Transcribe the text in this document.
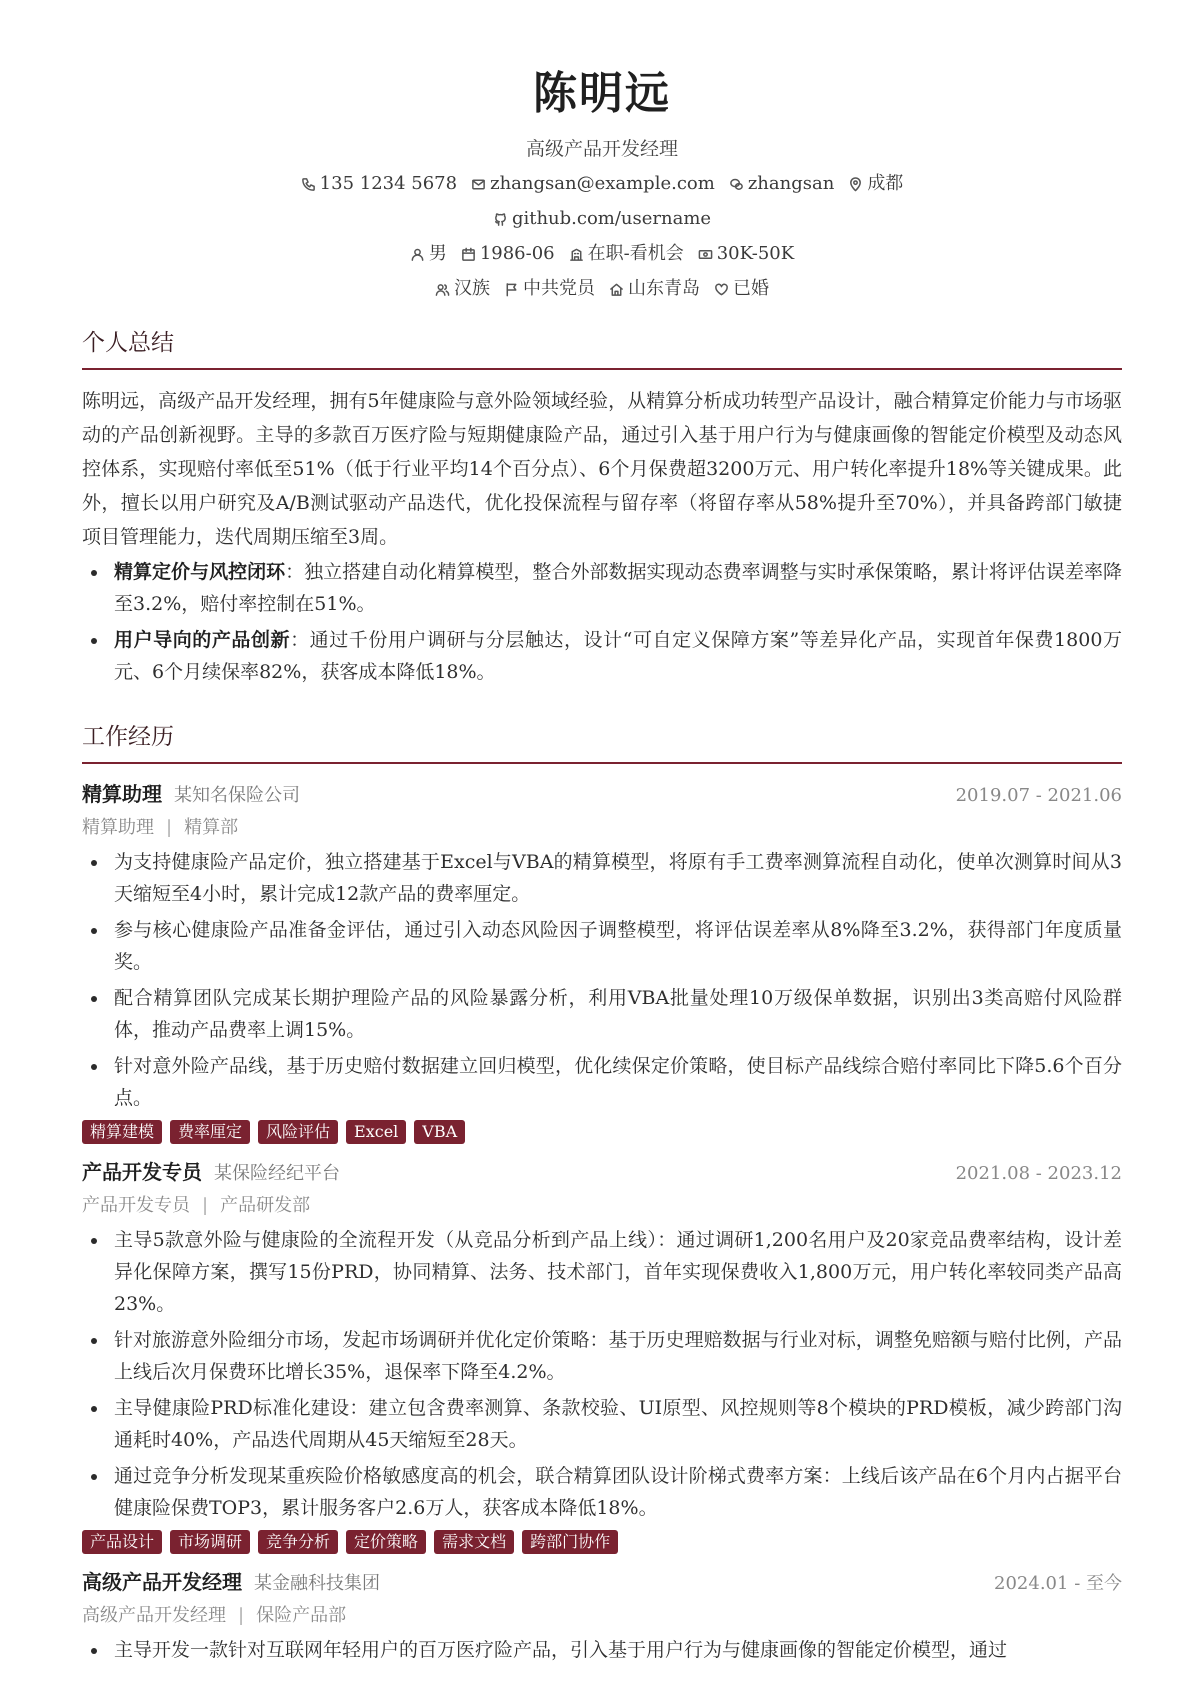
陈明远
高级产品开发经理
135 1234 5678 zhangsan@example.com zhangsan 成都
github.com/username
男 1986-06 在职-看机会 30K-50K
汉族 中共党员 山东青岛 已婚
个人总结
陈明远，高级产品开发经理，拥有5年健康险与意外险领域经验，从精算分析成功转型产品设计，融合精算定价能力与市场驱动的产品创新视野。主导的多款百万医疗险与短期健康险产品，通过引入基于用户行为与健康画像的智能定价模型及动态风控体系，实现赔付率低至51%（低于行业平均14个百分点）、6个月保费超3200万元、用户转化率提升18%等关键成果。此外，擅长以用户研究及A/B测试驱动产品迭代，优化投保流程与留存率（将留存率从58%提升至70%），并具备跨部门敏捷项目管理能力，迭代周期压缩至3周。
精算定价与风控闭环：独立搭建自动化精算模型，整合外部数据实现动态费率调整与实时承保策略，累计将评估误差率降至3.2%，赔付率控制在51%。
用户导向的产品创新：通过千份用户调研与分层触达，设计“可自定义保障方案”等差异化产品，实现首年保费1800万元、6个月续保率82%，获客成本降低18%。
工作经历
精算助理 某知名保险公司	2019.07 - 2021.06
精算助理 | 精算部
为支持健康险产品定价，独立搭建基于Excel与VBA的精算模型，将原有手工费率测算流程自动化，使单次测算时间从3天缩短至4小时，累计完成12款产品的费率厘定。
参与核心健康险产品准备金评估，通过引入动态风险因子调整模型，将评估误差率从8%降至3.2%，获得部门年度质量奖。
配合精算团队完成某长期护理险产品的风险暴露分析，利用VBA批量处理10万级保单数据，识别出3类高赔付风险群体，推动产品费率上调15%。
针对意外险产品线，基于历史赔付数据建立回归模型，优化续保定价策略，使目标产品线综合赔付率同比下降5.6个百分点。
精算建模	费率厘定	风险评估	Excel	VBA
产品开发专员 某保险经纪平台	2021.08 - 2023.12
产品开发专员 | 产品研发部
主导5款意外险与健康险的全流程开发（从竞品分析到产品上线）：通过调研1,200名用户及20家竞品费率结构，设计差异化保障方案，撰写15份PRD，协同精算、法务、技术部门，首年实现保费收入1,800万元，用户转化率较同类产品高23%。
针对旅游意外险细分市场，发起市场调研并优化定价策略：基于历史理赔数据与行业对标，调整免赔额与赔付比例，产品上线后次月保费环比增长35%，退保率下降至4.2%。
主导健康险PRD标准化建设：建立包含费率测算、条款校验、UI原型、风控规则等8个模块的PRD模板，减少跨部门沟通耗时40%，产品迭代周期从45天缩短至28天。
通过竞争分析发现某重疾险价格敏感度高的机会，联合精算团队设计阶梯式费率方案：上线后该产品在6个月内占据平台健康险保费TOP3，累计服务客户2.6万人，获客成本降低18%。
产品设计	市场调研	竞争分析	定价策略	需求文档	跨部门协作
高级产品开发经理 某金融科技集团	2024.01 - 至今
高级产品开发经理 | 保险产品部
主导开发一款针对互联网年轻用户的百万医疗险产品，引入基于用户行为与健康画像的智能定价模型，通过
